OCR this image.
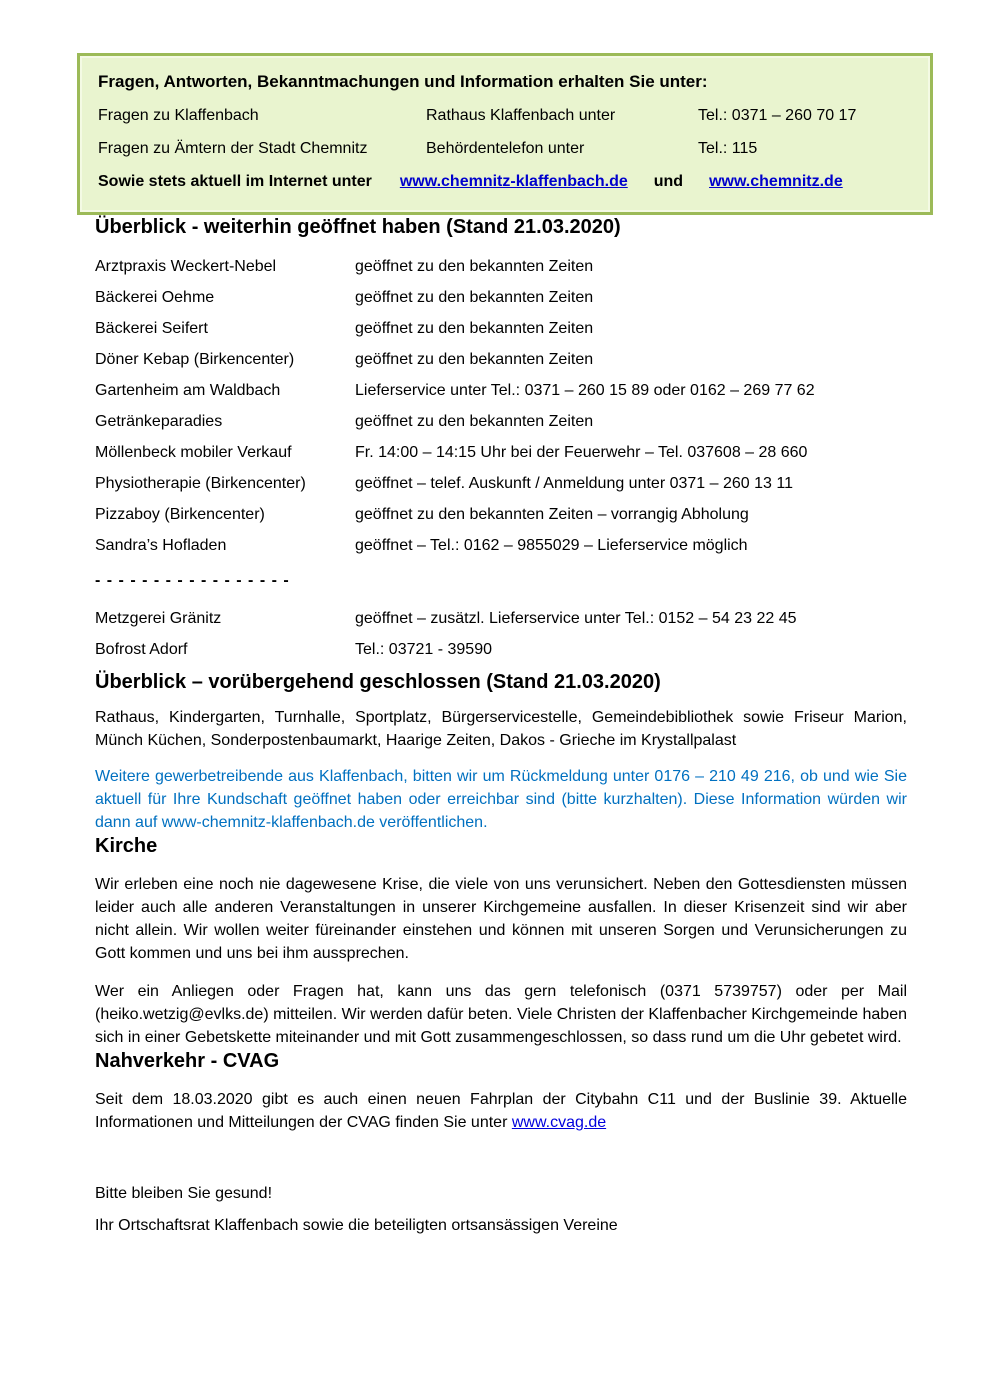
Fragen, Antworten, Bekanntmachungen und Information erhalten Sie unter:
Fragen zu Klaffenbach	Rathaus Klaffenbach unter	Tel.: 0371 – 260 70 17
Fragen zu Ämtern der Stadt Chemnitz	Behördentelefon unter	Tel.: 115
Sowie stets aktuell im Internet unter www.chemnitz-klaffenbach.de und www.chemnitz.de
Überblick - weiterhin geöffnet haben (Stand 21.03.2020)
Arztpraxis Weckert-Nebel	geöffnet zu den bekannten Zeiten
Bäckerei Oehme	geöffnet zu den bekannten Zeiten
Bäckerei Seifert	geöffnet zu den bekannten Zeiten
Döner Kebap (Birkencenter)	geöffnet zu den bekannten Zeiten
Gartenheim am Waldbach	Lieferservice unter Tel.: 0371 – 260 15 89 oder 0162 – 269 77 62
Getränkeparadies	geöffnet zu den bekannten Zeiten
Möllenbeck mobiler Verkauf	Fr. 14:00 – 14:15 Uhr bei der Feuerwehr – Tel. 037608 – 28 660
Physiotherapie (Birkencenter)	geöffnet – telef. Auskunft / Anmeldung unter 0371 – 260 13 11
Pizzaboy (Birkencenter)	geöffnet zu den bekannten Zeiten – vorrangig Abholung
Sandra’s Hofladen	geöffnet – Tel.: 0162 – 9855029 – Lieferservice möglich
- - - - - - - - - - - - - - - - -
Metzgerei Gränitz	geöffnet – zusätzl. Lieferservice unter Tel.: 0152 – 54 23 22 45
Bofrost Adorf	Tel.: 03721 - 39590
Überblick – vorübergehend geschlossen (Stand 21.03.2020)

Rathaus, Kindergarten, Turnhalle, Sportplatz, Bürgerservicestelle, Gemeindebibliothek sowie Friseur Marion, Münch Küchen, Sonderpostenbaumarkt, Haarige Zeiten, Dakos - Grieche im Krystallpalast

Weitere gewerbetreibende aus Klaffenbach, bitten wir um Rückmeldung unter 0176 – 210 49 216, ob und wie Sie aktuell für Ihre Kundschaft geöffnet haben oder erreichbar sind (bitte kurzhalten). Diese Information würden wir dann auf www-chemnitz-klaffenbach.de veröffentlichen.

Kirche

Wir erleben eine noch nie dagewesene Krise, die viele von uns verunsichert. Neben den Gottesdiensten müssen leider auch alle anderen Veranstaltungen in unserer Kirchgemeine ausfallen. In dieser Krisenzeit sind wir aber nicht allein. Wir wollen weiter füreinander einstehen und können mit unseren Sorgen und Verunsicherungen zu Gott kommen und uns bei ihm aussprechen.

Wer ein Anliegen oder Fragen hat, kann uns das gern telefonisch (0371 5739757) oder per Mail (heiko.wetzig@evlks.de) mitteilen. Wir werden dafür beten. Viele Christen der Klaffenbacher Kirchgemeinde haben sich in einer Gebetskette miteinander und mit Gott zusammengeschlossen, so dass rund um die Uhr gebetet wird.

Nahverkehr - CVAG

Seit dem 18.03.2020 gibt es auch einen neuen Fahrplan der Citybahn C11 und der Buslinie 39. Aktuelle Informationen und Mitteilungen der CVAG finden Sie unter www.cvag.de

Bitte bleiben Sie gesund!
Ihr Ortschaftsrat Klaffenbach sowie die beteiligten ortsansässigen Vereine
